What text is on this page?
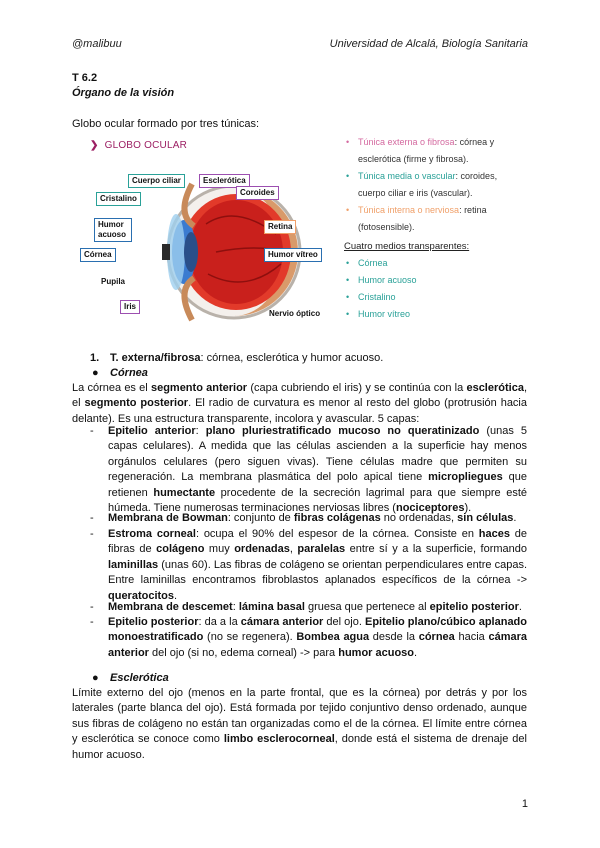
@malibuu	Universidad de Alcalá, Biología Sanitaria
T 6.2
Órgano de la visión
Globo ocular formado por tres túnicas:
❯ GLOBO OCULAR
Cuerpo ciliar	Esclerótica
Cristalino
Coroides
Humor acuoso
Retina
Córnea	Humor vítreo
Pupila
Iris
Nervio óptico
• Túnica externa o fibrosa: córnea y
esclerótica (firme y fibrosa).
• Túnica media o vascular: coroides,
cuerpo ciliar e iris (vascular).
• Túnica interna o nerviosa: retina
(fotosensible).
Cuatro medios transparentes:
• Córnea
• Humor acuoso
• Cristalino
• Humor vítreo
1. T. externa/fibrosa: córnea, esclerótica y humor acuoso.
● Córnea
La córnea es el segmento anterior (capa cubriendo el iris) y se continúa con la esclerótica, el segmento posterior. El radio de curvatura es menor al resto del globo (protrusión hacia delante). Es una estructura transparente, incolora y avascular. 5 capas:
- Epitelio anterior: plano pluriestratificado mucoso no queratinizado (unas 5 capas celulares). A medida que las células ascienden a la superficie hay menos orgánulos celulares (pero siguen vivas). Tiene células madre que permiten su regeneración. La membrana plasmática del polo apical tiene micropliegues que retienen humectante procedente de la secreción lagrimal para que siempre esté húmeda. Tiene numerosas terminaciones nerviosas libres (nociceptores).
- Membrana de Bowman: conjunto de fibras colágenas no ordenadas, sin células.
- Estroma corneal: ocupa el 90% del espesor de la córnea. Consiste en haces de fibras de colágeno muy ordenadas, paralelas entre sí y a la superficie, formando laminillas (unas 60). Las fibras de colágeno se orientan perpendiculares entre capas. Entre laminillas encontramos fibroblastos aplanados específicos de la córnea -> queratocitos.
- Membrana de descemet: lámina basal gruesa que pertenece al epitelio posterior.
- Epitelio posterior: da a la cámara anterior del ojo. Epitelio plano/cúbico aplanado monoestratificado (no se regenera). Bombea agua desde la córnea hacia cámara anterior del ojo (si no, edema corneal) -> para humor acuoso.
● Esclerótica
Límite externo del ojo (menos en la parte frontal, que es la córnea) por detrás y por los laterales (parte blanca del ojo). Está formada por tejido conjuntivo denso ordenado, aunque sus fibras de colágeno no están tan organizadas como el de la córnea. El límite entre córnea y esclerótica se conoce como limbo esclerocorneal, donde está el sistema de drenaje del humor acuoso.
1
